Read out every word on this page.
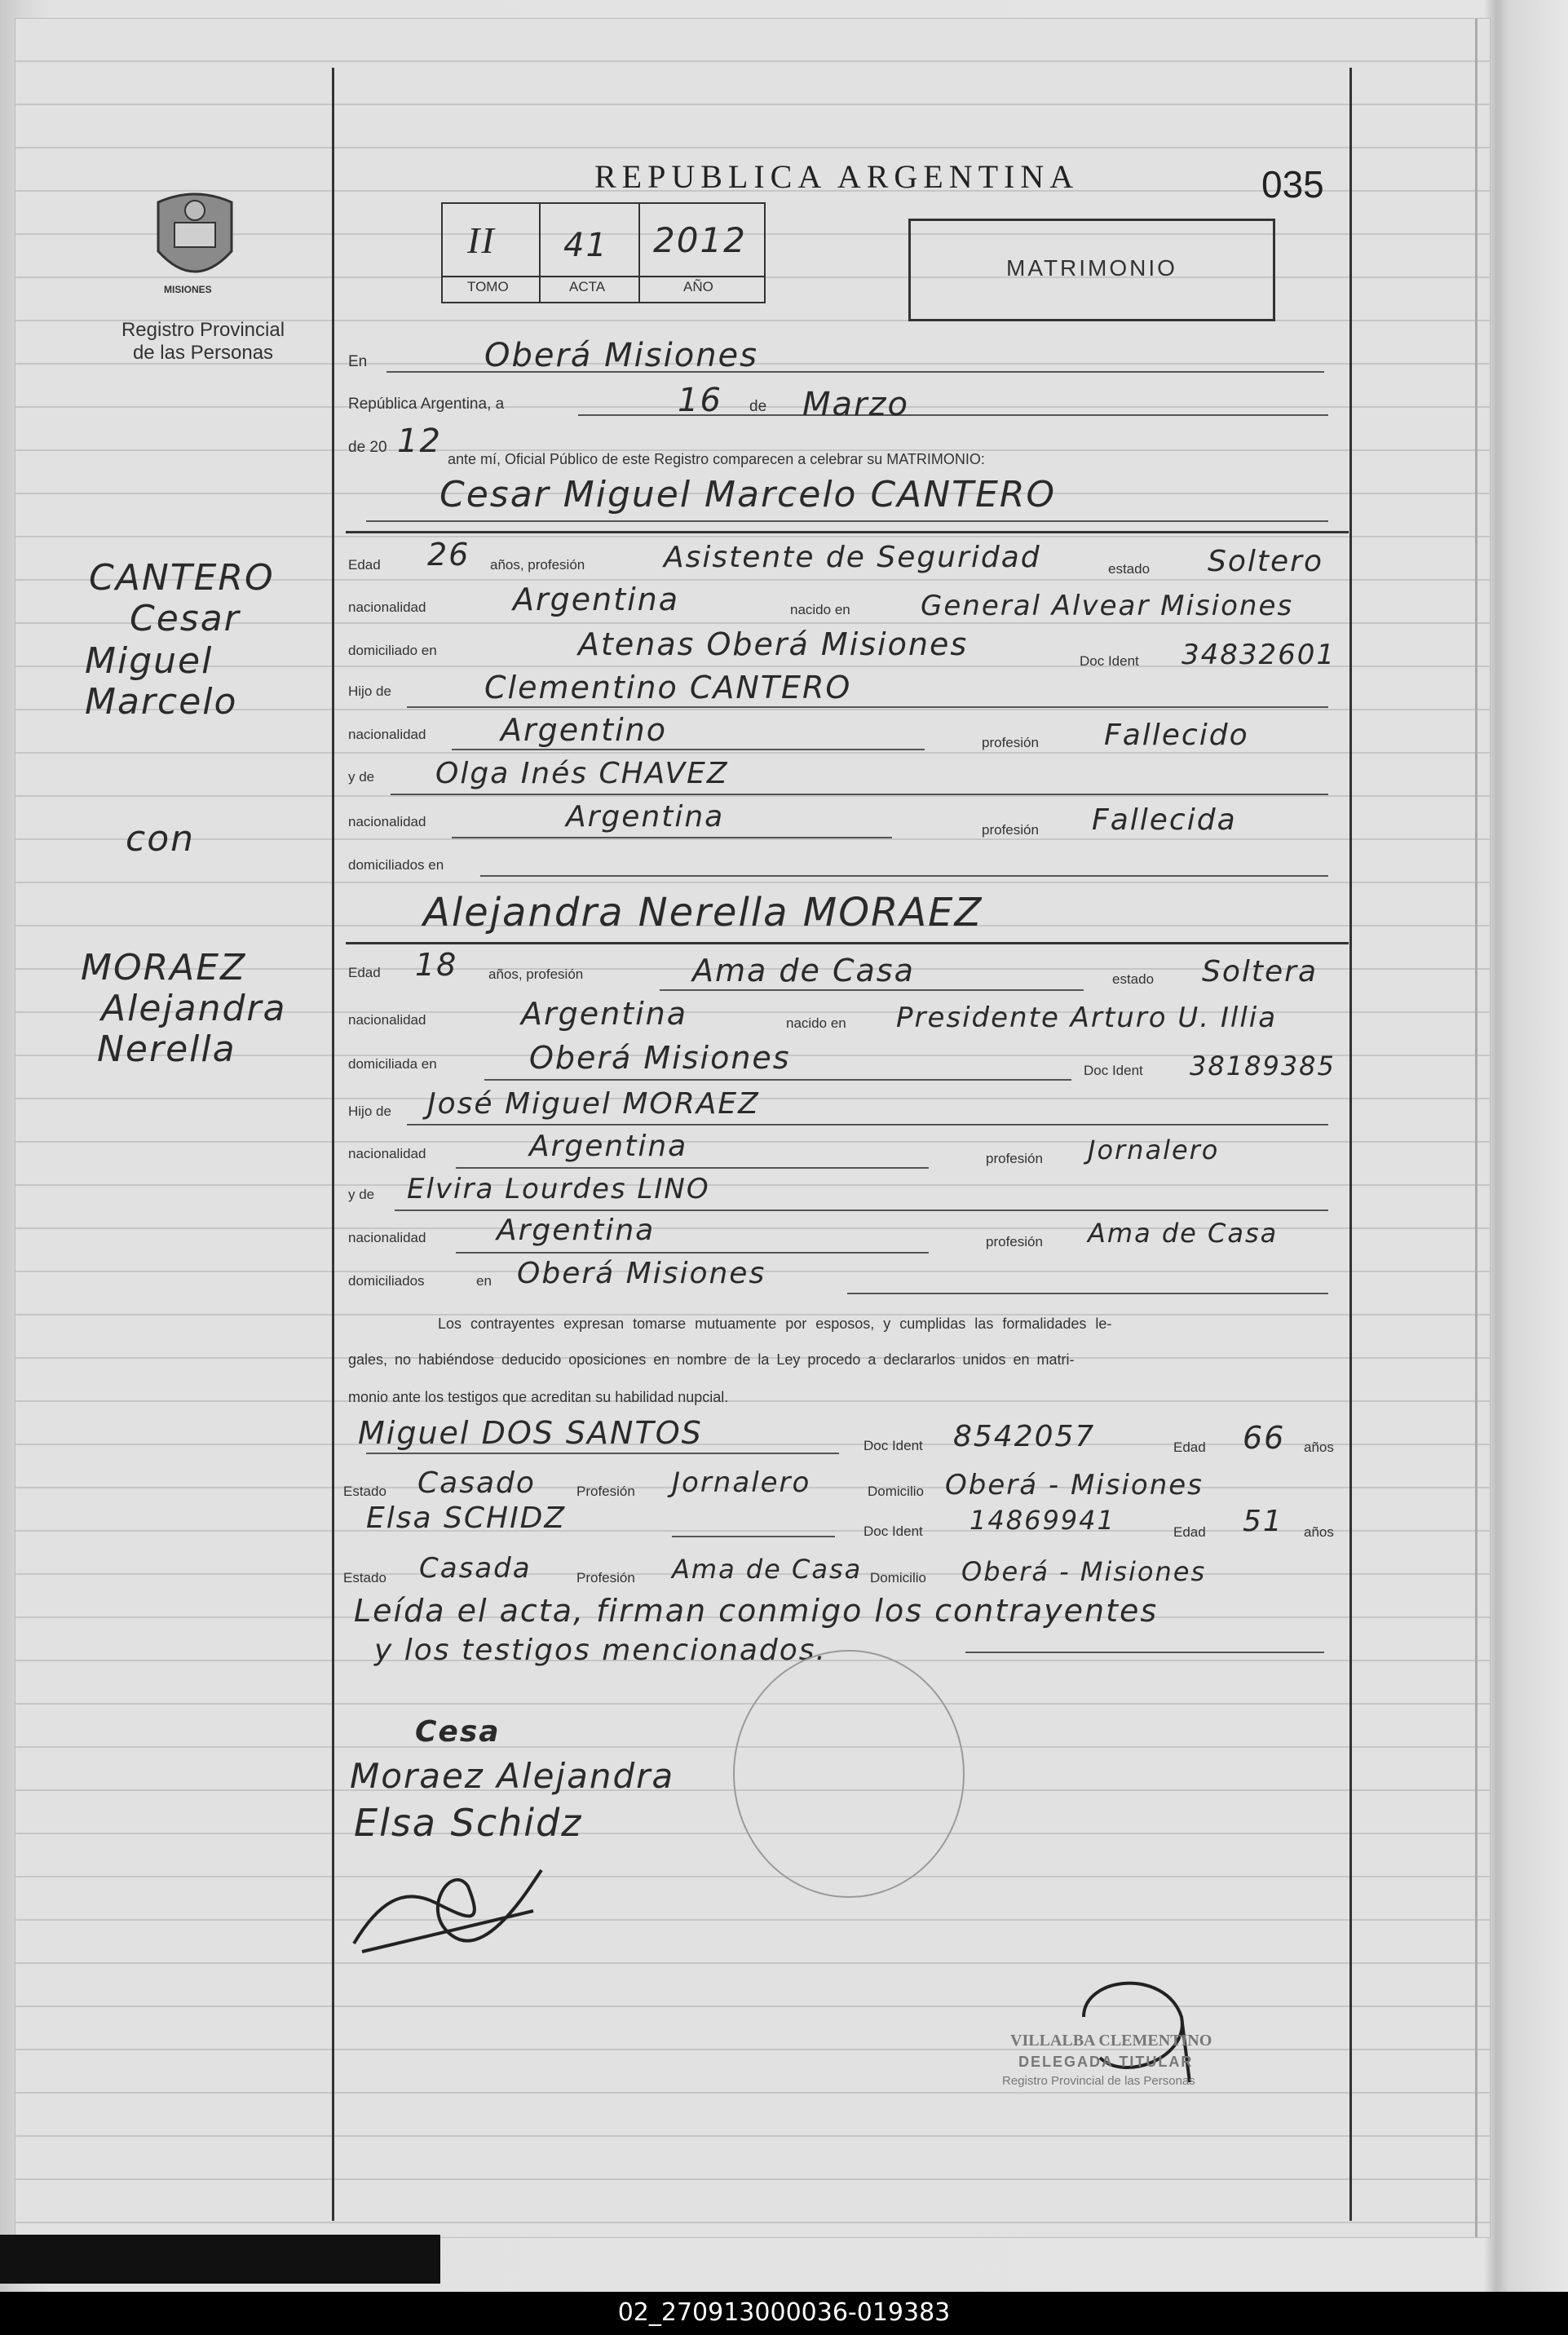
MISIONES
Registro Provincial
de las Personas
REPUBLICA ARGENTINA	035
II 41 2012
TOMO	ACTA	AÑO
MATRIMONIO
En	Oberá Misiones
República Argentina, a	16 de Marzo
de 20 12 ante mí, Oficial Público de este Registro comparecen a celebrar su MATRIMONIO:
Cesar Miguel Marcelo CANTERO
Edad 26 años, profesión	Asistente de Seguridad	estado Soltero
nacionalidad	Argentina	nacido en	General Alvear Misiones
domiciliado en	Atenas Oberá Misiones	Doc Ident 34832601
Hijo de	Clementino CANTERO
nacionalidad Argentino	profesión Fallecido
y de Olga Inés CHAVEZ
nacionalidad	Argentina	profesión Fallecida
domiciliados en
Alejandra Nerella MORAEZ
Edad 18 años, profesión	Ama de Casa	estado Soltera
nacionalidad	Argentina	nacido en Presidente Arturo U. Illia
domiciliada en	Oberá Misiones	Doc Ident 38189385
Hijo de José Miguel MORAEZ
nacionalidad	Argentina	profesión Jornalero
y de Elvira Lourdes LINO
nacionalidad Argentina	profesión Ama de Casa
domiciliados	en Oberá Misiones
Los contrayentes expresan tomarse mutuamente por esposos, y cumplidas las formalidades le-
gales, no habiéndose deducido oposiciones en nombre de la Ley procedo a declararlos unidos en matri-
monio ante los testigos que acreditan su habilidad nupcial.
Miguel DOS SANTOS	Doc Ident 8542057	Edad 66 años
Estado Casado	Profesión Jornalero	Domicilio Oberá - Misiones
Elsa SCHIDZ	Doc Ident 14869941	Edad 51 años
Estado Casada	Profesión Ama de Casa Domicilio Oberá - Misiones
Leída el acta, firman conmigo los contrayentes
y los testigos mencionados.
Cesa
Moraez Alejandra
Elsa Schidz
VILLALBA CLEMENTINO
DELEGADA TITULAR
Registro Provincial de las Personas
CANTERO
Cesar
Miguel
Marcelo
con
MORAEZ
Alejandra
Nerella
02_270913000036-019383
